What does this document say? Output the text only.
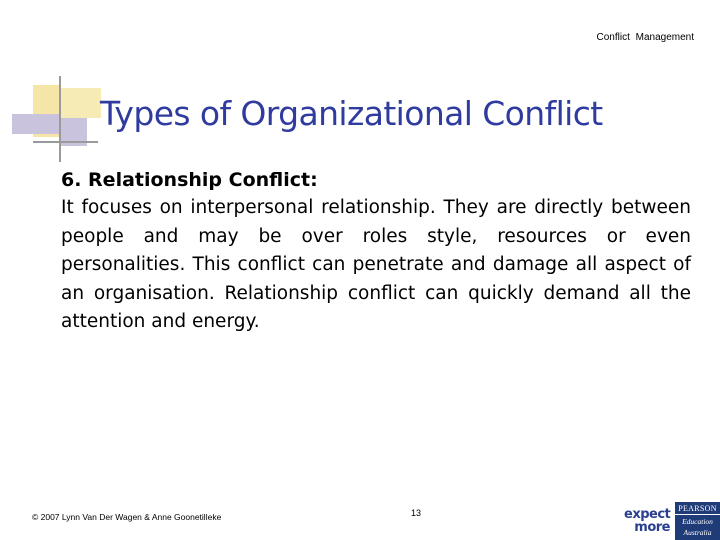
Conflict Management
Types of Organizational Conflict
6. Relationship Conflict:
It focuses on interpersonal relationship. They are directly between people and may be over roles style, resources or even personalities. This conflict can penetrate and damage all aspect of an organisation. Relationship conflict can quickly demand all the attention and energy.
© 2007 Lynn Van Der Wagen & Anne Goonetilleke	13	expect
more
PEARSON
Education
Australia
